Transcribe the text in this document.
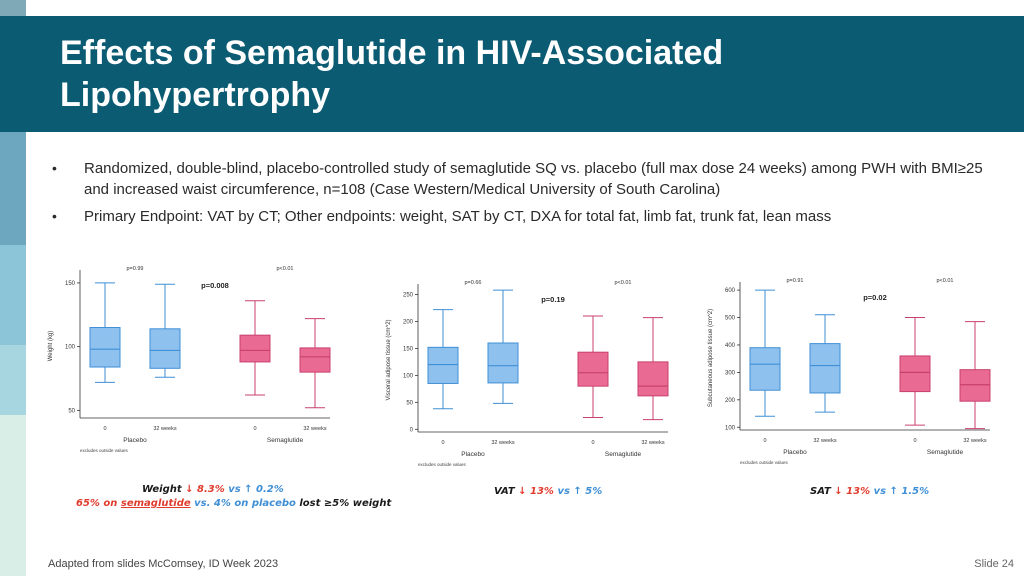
Effects of Semaglutide in HIV-Associated
Lipohypertrophy
• Randomized, double-blind, placebo-controlled study of semaglutide SQ vs. placebo (full max dose 24 weeks) among PWH with BMI≥25 and increased waist circumference, n=108 (Case Western/Medical University of South Carolina)
• Primary Endpoint: VAT by CT; Other endpoints: weight, SAT by CT, DXA for total fat, limb fat, trunk fat, lean mass
50
100
150
Weight (kg)
0	32 weeks	0	32 weeks
Placebo	Semaglutide
excludes outside values
p=0.99	p<0.01
p=0.008
0
50
100
150
200
250
Visceral adipose tissue (cm^2)
0	32 weeks	0	32 weeks
Placebo	Semaglutide
excludes outside values
p=0.66	p<0.01
p=0.19
100
200
300
400
500
600
Subcutaneous adipose tissue (cm^2)
0	32 weeks	0	32 weeks
Placebo	Semaglutide
excludes outside values
p=0.91	p<0.01
p=0.02
Weight ↓ 8.3% vs ↑ 0.2%
65% on semaglutide vs. 4% on placebo lost ≥5% weight
VAT ↓ 13% vs ↑ 5%	SAT ↓ 13% vs ↑ 1.5%
Adapted from slides McComsey, ID Week 2023	Slide 24
